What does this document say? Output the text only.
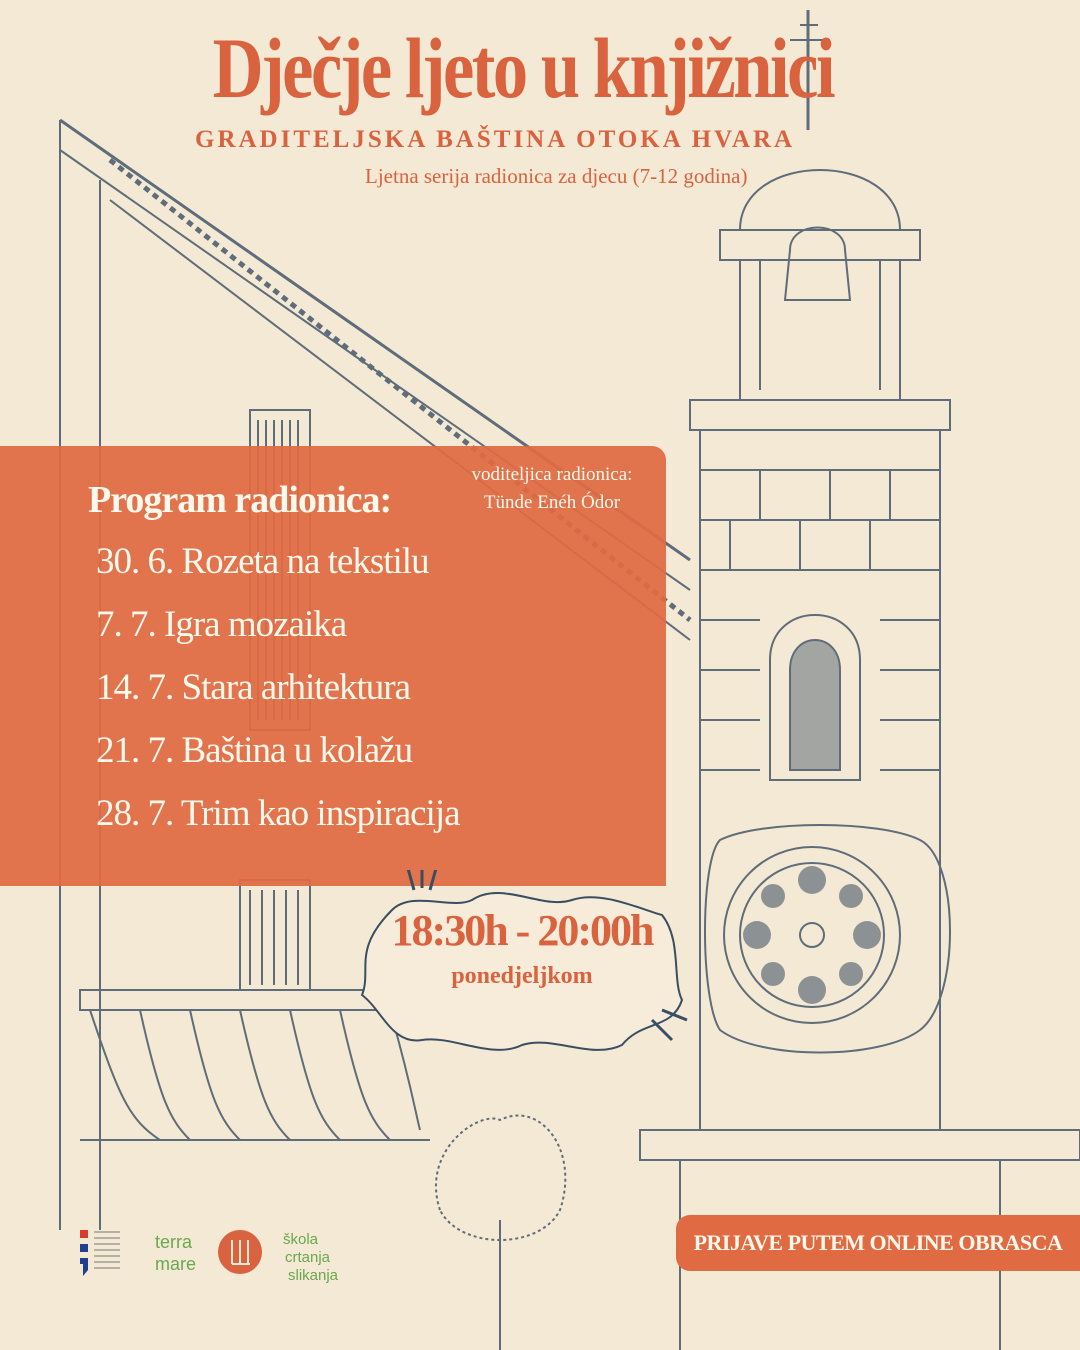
Dječje ljeto u knjižnici

GRADITELJSKA BAŠTINA OTOKA HVARA

Ljetna serija radionica za djecu (7-12 godina)

Program radionica:
voditeljica radionica:
Tünde Enéh Ódor
30. 6. Rozeta na tekstilu
7. 7. Igra mozaika
14. 7. Stara arhitektura
21. 7. Baština u kolažu
28. 7. Trim kao inspiracija

18:30h - 20:00h

ponedjeljkom

PRIJAVE PUTEM ONLINE OBRASCA
terra
mare
škola
crtanja
slikanja
